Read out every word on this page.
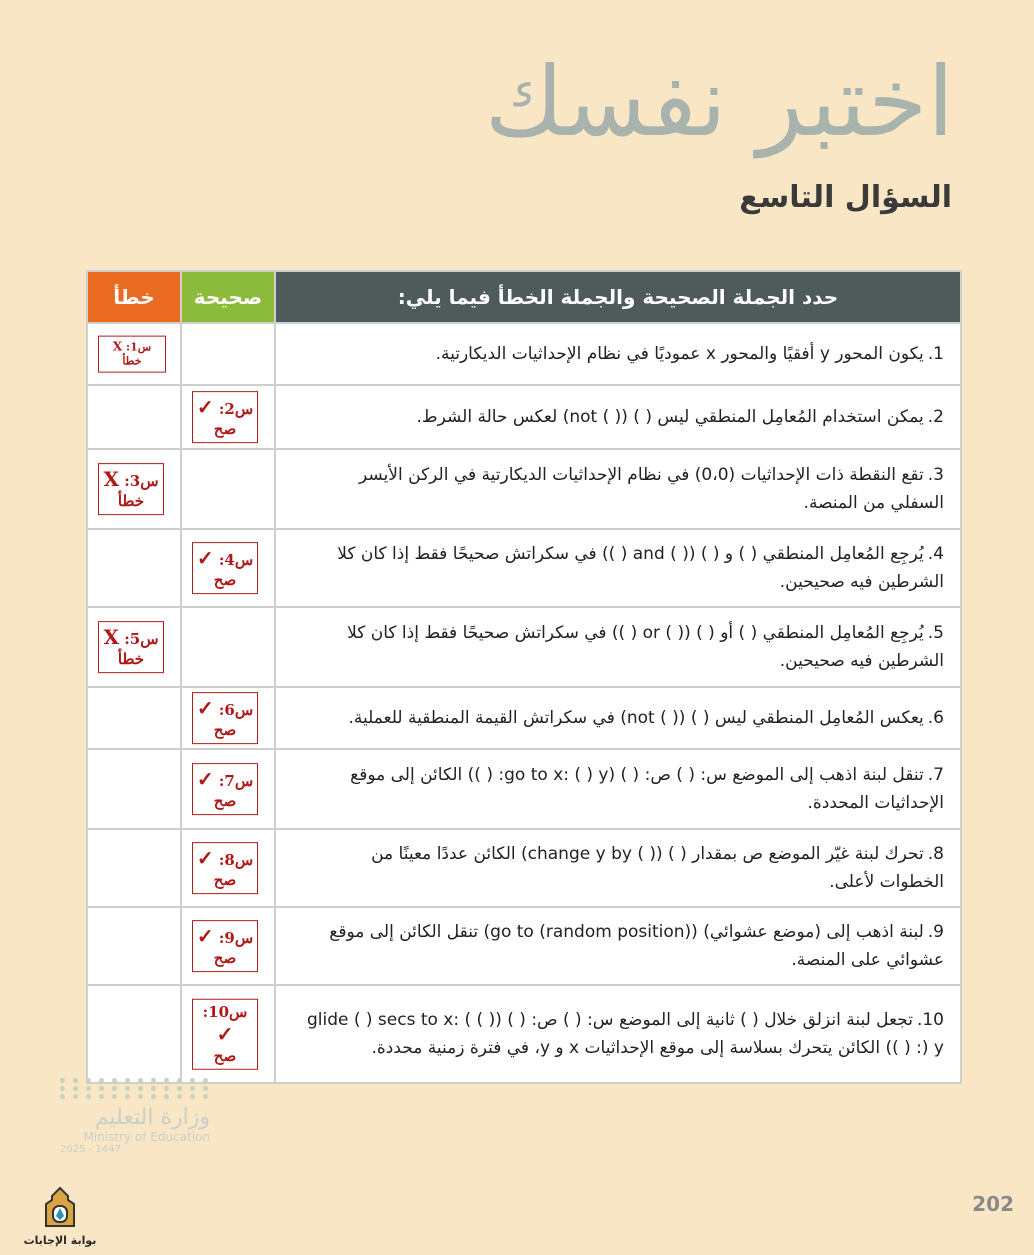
اختبر نفسك
السؤال التاسع
حدد الجملة الصحيحة والجملة الخطأ فيما يلي:	صحيحة	خطأ
1.يكون المحور y أفقيًا والمحور x عموديًا في نظام الإحداثيات الديكارتية.		س1: X
خطأ

2.يمكن استخدام المُعامِل المنطقي ليس ( ) (( ) not) لعكس حالة الشرط.	س2: ✓
صح	

3.تقع النقطة ذات الإحداثيات (0،0) في نظام الإحداثيات الديكارتية في الركن الأيسر السفلي من المنصة.		س3: X
خطأ

4.يُرجِع المُعامِل المنطقي ( ) و ( ) (( ) and ( )) في سكراتش صحيحًا فقط إذا كان كلا الشرطين فيه صحيحين.	س4: ✓
صح	

5.يُرجِع المُعامِل المنطقي ( ) أو ( ) (( ) or ( )) في سكراتش صحيحًا فقط إذا كان كلا الشرطين فيه صحيحين.		س5: X
خطأ

6.يعكس المُعامِل المنطقي ليس ( ) (( ) not) في سكراتش القيمة المنطقية للعملية.	س6: ✓
صح	

7.تنقل لبنة اذهب إلى الموضع س: ( ) ص: ( ) (go to x: ( ) y: ( )) الكائن إلى موقع الإحداثيات المحددة.	س7: ✓
صح	

8.تحرك لبنة غيّر الموضع ص بمقدار ( ) (( ) change y by) الكائن عددًا معينًا من الخطوات لأعلى.	س8: ✓
صح	

9.لبنة اذهب إلى (موضع عشوائي) (go to (random position)) تنقل الكائن إلى موقع عشوائي على المنصة.	س9: ✓
صح	

10.تجعل لبنة انزلق خلال ( ) ثانية إلى الموضع س: ( ) ص: ( ) (( ) glide ( ) secs to x: ( ) y: ( )) الكائن يتحرك بسلاسة إلى موقع الإحداثيات x و y، في فترة زمنية محددة.	س10: ✓
صح	

وزارة التعليم
Ministry of Education
2025 - 1447
بوابة الإجابات
202
